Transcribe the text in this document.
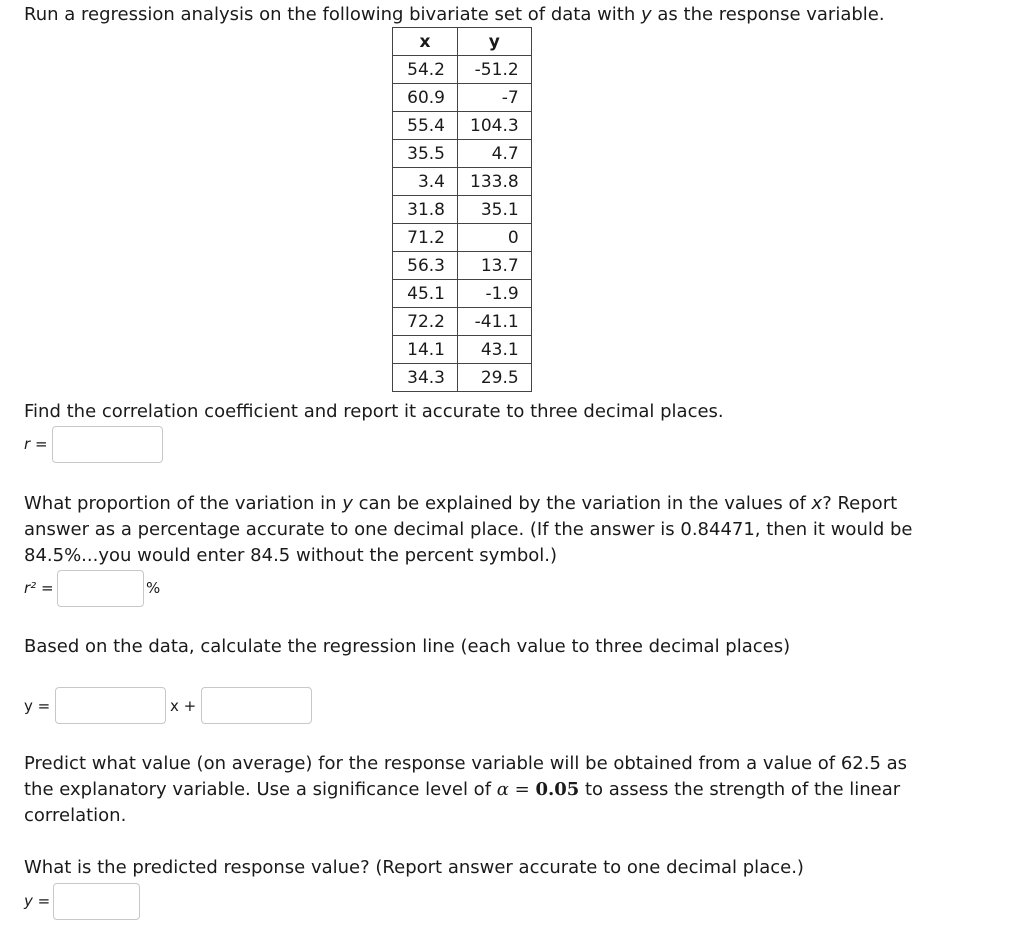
Run a regression analysis on the following bivariate set of data with y as the response variable.
x	y
54.2	-51.2
60.9	-7
55.4	104.3
35.5	4.7
3.4	133.8
31.8	35.1
71.2	0
56.3	13.7
45.1	-1.9
72.2	-41.1
14.1	43.1
34.3	29.5
Find the correlation coefficient and report it accurate to three decimal places.
r =
What proportion of the variation in y can be explained by the variation in the values of x? Report
answer as a percentage accurate to one decimal place. (If the answer is 0.84471, then it would be
84.5%...you would enter 84.5 without the percent symbol.)
r² =	%
Based on the data, calculate the regression line (each value to three decimal places)
y =	x +
Predict what value (on average) for the response variable will be obtained from a value of 62.5 as
the explanatory variable. Use a significance level of α = 0.05 to assess the strength of the linear
correlation.
What is the predicted response value? (Report answer accurate to one decimal place.)
y =
